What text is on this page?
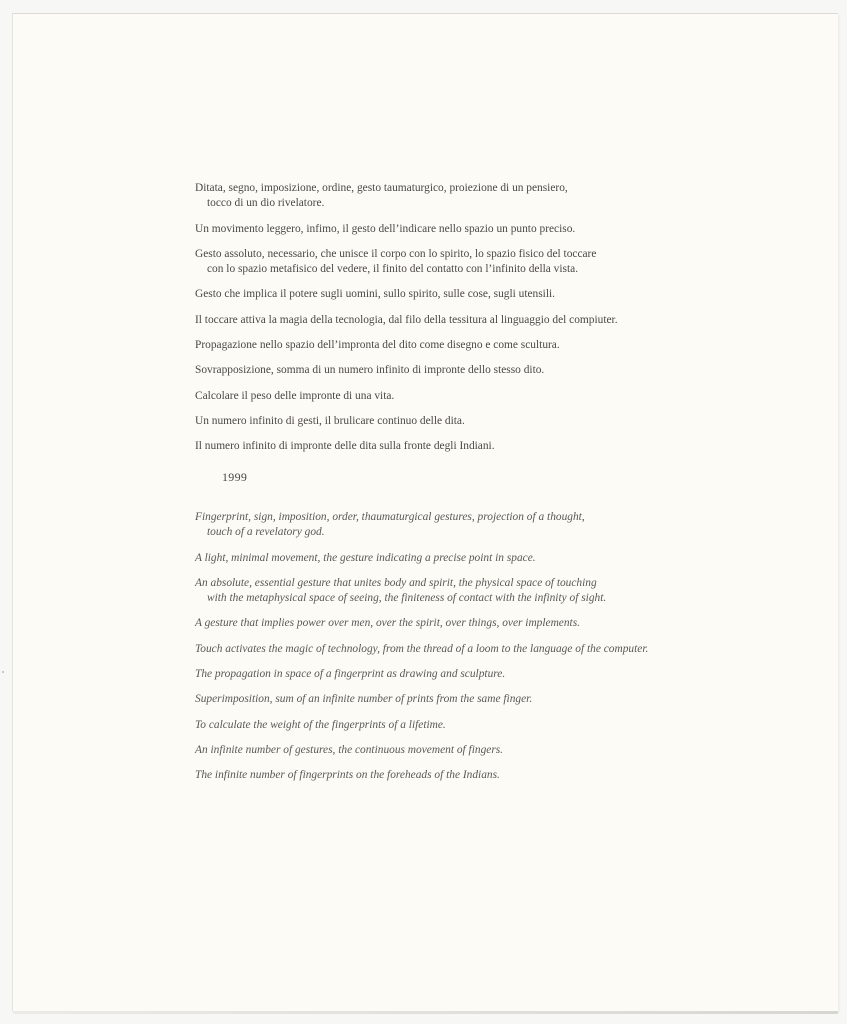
Ditata, segno, imposizione, ordine, gesto taumaturgico, proiezione di un pensiero,
tocco di un dio rivelatore.

Un movimento leggero, infimo, il gesto dell’indicare nello spazio un punto preciso.

Gesto assoluto, necessario, che unisce il corpo con lo spirito, lo spazio fisico del toccare
con lo spazio metafisico del vedere, il finito del contatto con l’infinito della vista.

Gesto che implica il potere sugli uomini, sullo spirito, sulle cose, sugli utensili.

Il toccare attiva la magia della tecnologia, dal filo della tessitura al linguaggio del compiuter.

Propagazione nello spazio dell’impronta del dito come disegno e come scultura.

Sovrapposizione, somma di un numero infinito di impronte dello stesso dito.

Calcolare il peso delle impronte di una vita.

Un numero infinito di gesti, il brulicare continuo delle dita.

Il numero infinito di impronte delle dita sulla fronte degli Indiani.

1999

Fingerprint, sign, imposition, order, thaumaturgical gestures, projection of a thought,
touch of a revelatory god.

A light, minimal movement, the gesture indicating a precise point in space.

An absolute, essential gesture that unites body and spirit, the physical space of touching
with the metaphysical space of seeing, the finiteness of contact with the infinity of sight.

A gesture that implies power over men, over the spirit, over things, over implements.

Touch activates the magic of technology, from the thread of a loom to the language of the computer.

The propagation in space of a fingerprint as drawing and sculpture.

Superimposition, sum of an infinite number of prints from the same finger.

To calculate the weight of the fingerprints of a lifetime.

An infinite number of gestures, the continuous movement of fingers.

The infinite number of fingerprints on the foreheads of the Indians.
